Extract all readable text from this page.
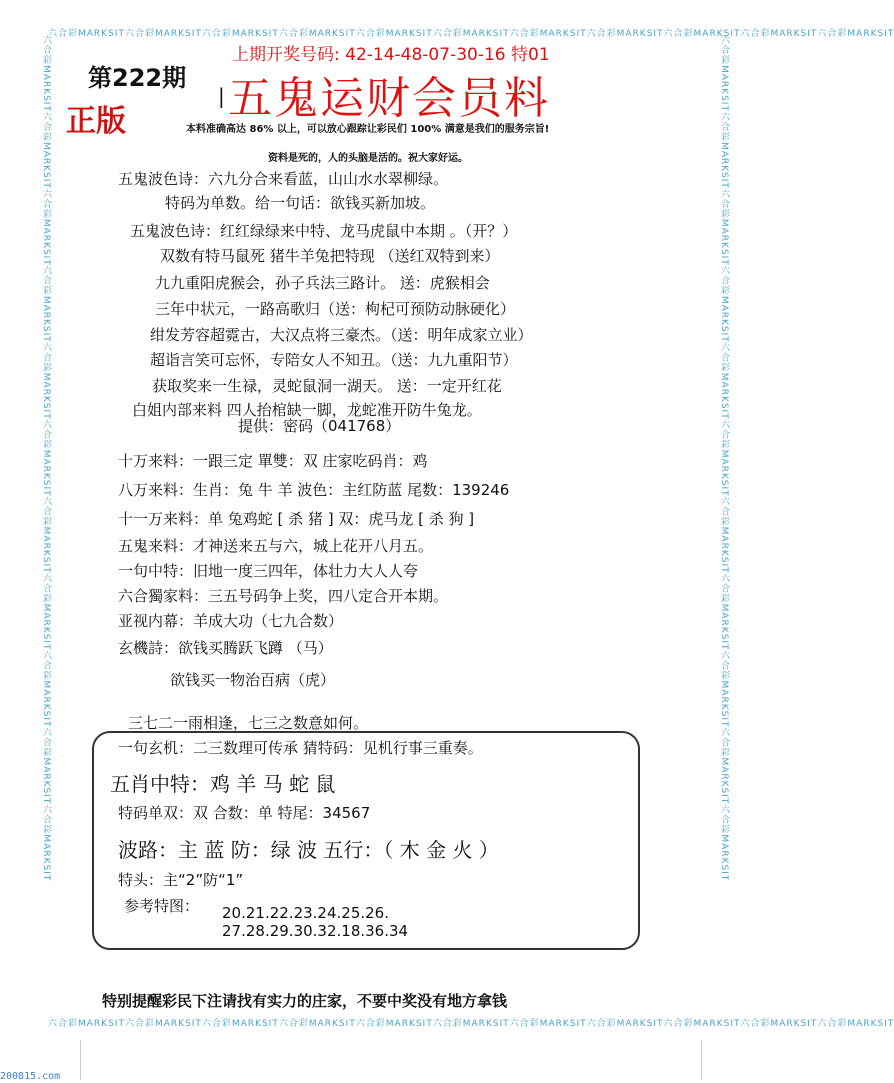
六合彩MARKSIT六合彩MARKSIT六合彩MARKSIT六合彩MARKSIT六合彩MARKSIT六合彩MARKSIT六合彩MARKSIT六合彩MARKSIT六合彩MARKSIT六合彩MARKSIT六合彩MARKSIT
六合彩MARKSIT六合彩MARKSIT六合彩MARKSIT六合彩MARKSIT六合彩MARKSIT六合彩MARKSIT六合彩MARKSIT六合彩MARKSIT六合彩MARKSIT六合彩MARKSIT六合彩MARKSIT
六合彩MARKSIT六合彩MARKSIT六合彩MARKSIT六合彩MARKSIT六合彩MARKSIT六合彩MARKSIT六合彩MARKSIT六合彩MARKSIT六合彩MARKSIT六合彩MARKSIT六合彩MARKSIT	六合彩MARKSIT六合彩MARKSIT六合彩MARKSIT六合彩MARKSIT六合彩MARKSIT六合彩MARKSIT六合彩MARKSIT六合彩MARKSIT六合彩MARKSIT六合彩MARKSIT六合彩MARKSIT
第222期
正版
上期开奖号码: 42-14-48-07-30-16 特01
| 五鬼运财会员料
本料准确高达 86% 以上，可以放心跟踪让彩民们 100% 满意是我们的服务宗旨!
资料是死的，人的头脑是活的。祝大家好运。
五鬼波色诗：六九分合来看蓝，山山水水翠柳绿。
特码为单数。给一句话：欲钱买新加坡。
五鬼波色诗：红红绿绿来中特、龙马虎鼠中本期 。（开？）
双数有特马鼠死 猪牛羊兔把特现 （送红双特到来）
九九重阳虎猴会，孙子兵法三路计。 送：虎猴相会
三年中状元，一路高歌归（送：枸杞可预防动脉硬化）
绀发芳容超霓古，大汉点将三豪杰。（送：明年成家立业）
超诣言笑可忘怀，专陪女人不知丑。（送：九九重阳节）
获取奖来一生禄，灵蛇鼠洞一湖天。 送：一定开红花
白姐内部来料 四人抬棺缺一脚，龙蛇准开防牛兔龙。
提供：密码（041768）
十万来料：一跟三定 單雙：双 庄家吃码肖：鸡
八万来料：生肖：兔 牛 羊 波色：主红防蓝 尾数：139246
十一万来料：单 兔鸡蛇 [ 杀 猪 ] 双：虎马龙 [ 杀 狗 ]
五鬼来料：才神送来五与六，城上花开八月五。
一句中特：旧地一度三四年，体壮力大人人夸
六合獨家料：三五号码争上奖，四八定合开本期。
亚视内幕：羊成大功（七九合数）
玄機詩：欲钱买腾跃飞蹲 （马）
欲钱买一物治百病（虎）
三七二一雨相逢，七三之数意如何。
一句玄机：二三数理可传承 猜特码：见机行事三重奏。
五肖中特：鸡 羊 马 蛇 鼠
特码单双：双 合数：单 特尾：34567
波路：主 蓝 防：绿 波 五行：（ 木 金 火 ）
特头：主“2”防“1”
参考特图： 20.21.22.23.24.25.26.
27.28.29.30.32.18.36.34
特别提醒彩民下注请找有实力的庄家，不要中奖没有地方拿钱
200815.com
